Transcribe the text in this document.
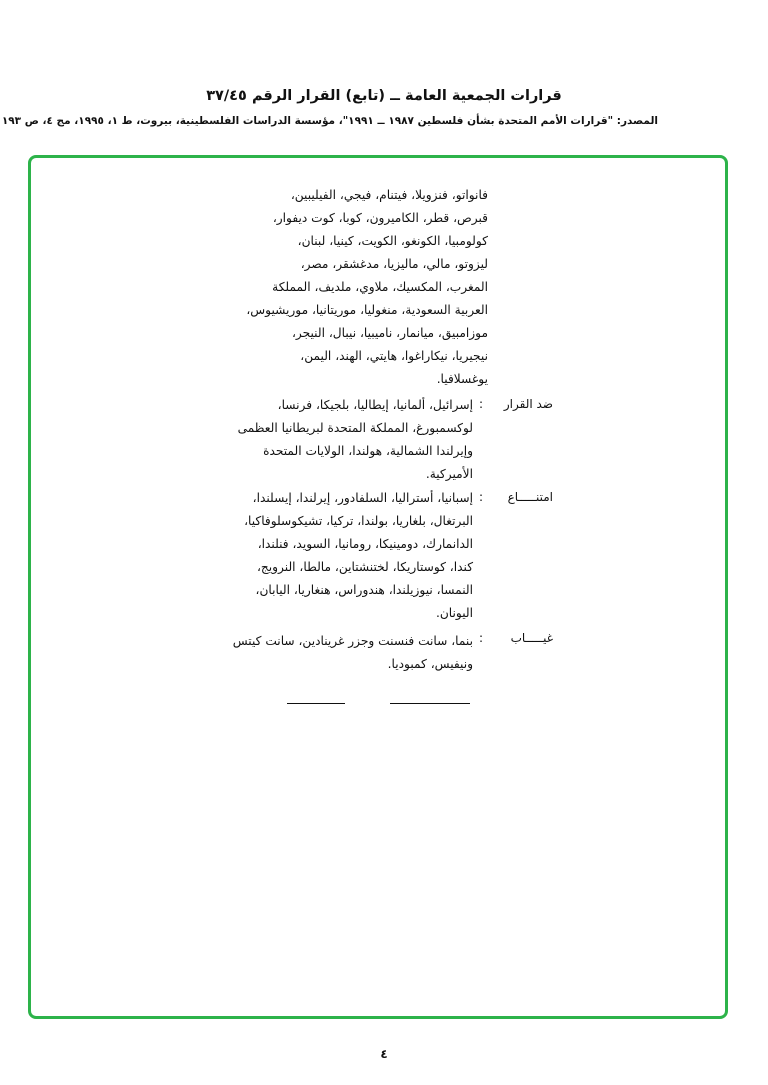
قرارات الجمعية العامة ــ (تابع) القرار الرقم ٣٧/٤٥
المصدر: "قرارات الأمم المتحدة بشأن فلسطين ١٩٨٧ ــ ١٩٩١"، مؤسسة الدراسات الفلسطينية، بيروت، ط ١، ١٩٩٥، مج ٤، ص ١٩٣
فانواتو، فنزويلا، فيتنام، فيجي، الفيليبين،
قبرص، قطر، الكاميرون، كوبا، كوت ديفوار،
كولومبيا، الكونغو، الكويت، كينيا، لبنان،
ليزوتو، مالي، ماليزيا، مدغشقر، مصر،
المغرب، المكسيك، ملاوي، ملديف، المملكة
العربية السعودية، منغوليا، موريتانيا، موريشيوس،
موزامبيق، ميانمار، ناميبيا، نيبال، النيجر،
نيجيريا، نيكاراغوا، هايتي، الهند، اليمن،
يوغسلافيا.
ضد القرار
:
إسرائيل، ألمانيا، إيطاليا، بلجيكا، فرنسا،
لوكسمبورغ، المملكة المتحدة لبريطانيا العظمى
وإيرلندا الشمالية، هولندا، الولايات المتحدة
الأميركية.
امتنـــــاع
:
إسبانيا، أستراليا، السلفادور، إيرلندا، إيسلندا،
البرتغال، بلغاريا، بولندا، تركيا، تشيكوسلوفاكيا،
الدانمارك، دومينيكا، رومانيا، السويد، فنلندا،
كندا، كوستاريكا، لختنشتاين، مالطا، النرويج،
النمسا، نيوزيلندا، هندوراس، هنغاريا، اليابان،
اليونان.
غيـــــاب
:
بنما، سانت فنسنت وجزر غرينادين، سانت كيتس
ونيفيس، كمبوديا.
٤
